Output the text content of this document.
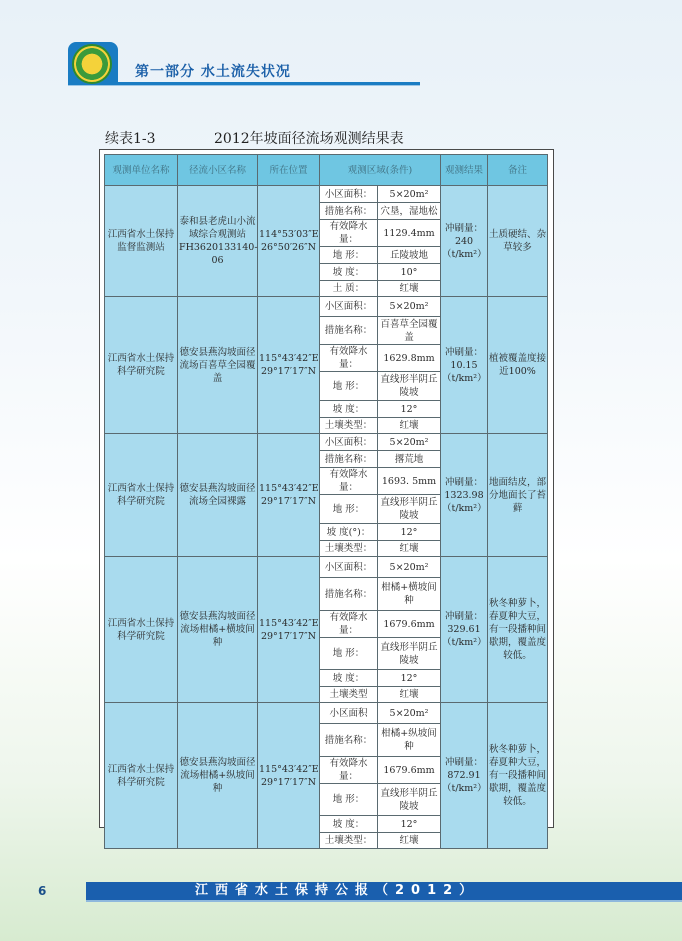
第一部分 水土流失状况
续表1-3	2012年坡面径流场观测结果表
观测单位名称	径流小区名称	所在位置	观测区域(条件)		观测结果	备注
江西省水土保持监督监测站	泰和县老虎山小流域综合观测站FH3620133140-06	114°53′03″E 26°50′26″N	小区面积：	5×20m²	冲刷量：240（t/km²）	土质硬结、杂草较多
			措施名称：	穴垦，湿地松		
			有效降水量：	1129.4mm		
			地 形：	丘陵坡地		
			坡 度：	10°		
			土 质：	红壤		
江西省水土保持科学研究院	德安县燕沟坡面径流场百喜草全园覆盖	115°43′42″E 29°17′17″N	小区面积：	5×20m²	冲刷量：10.15（t/km²）	植被覆盖度接近100%
			措施名称：	百喜草全园覆盖		
			有效降水量：	1629.8mm		
			地 形：	直线形半阴丘陵坡		
			坡 度：	12°		
			土壤类型：	红壤		
江西省水土保持科学研究院	德安县燕沟坡面径流场全园裸露	115°43′42″E 29°17′17″N	小区面积：	5×20m²	冲刷量：1323.98（t/km²）	地面结皮，部分地面长了苔藓
			措施名称：	撂荒地		
			有效降水量：	1693. 5mm		
			地 形：	直线形半阴丘陵坡		
			坡 度(°)：	12°		
			土壤类型：	红壤		
江西省水土保持科学研究院	德安县燕沟坡面径流场柑橘+横坡间种	115°43′42″E 29°17′17″N	小区面积：	5×20m²	冲刷量：329.61（t/km²）	秋冬种萝卜，春夏种大豆，有一段播种间歇期，覆盖度较低。
			措施名称：	柑橘+横坡间种		
			有效降水量：	1679.6mm		
			地 形：	直线形半阴丘陵坡		
			坡 度：	12°		
			土壤类型	红壤		
江西省水土保持科学研究院	德安县燕沟坡面径流场柑橘+纵坡间种	115°43′42″E 29°17′17″N	小区面积	5×20m²	冲刷量：872.91（t/km²）	秋冬种萝卜，春夏种大豆，有一段播种间歇期，覆盖度较低。
			措施名称：	柑橘+纵坡间种		
			有效降水量：	1679.6mm		
			地 形：	直线形半阴丘陵坡		
			坡 度：	12°		
			土壤类型：	红壤		
6	江西省水土保持公报（2012）
